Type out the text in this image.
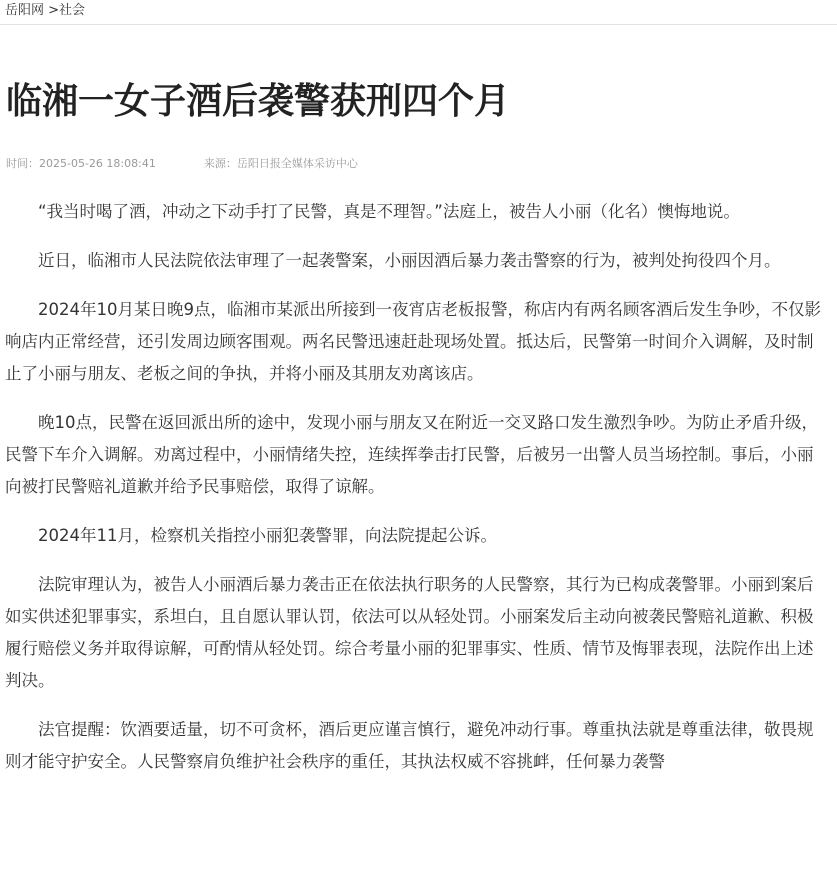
岳阳网 >社会
临湘一女子酒后袭警获刑四个月
时间：2025-05-26 18:08:41	来源：岳阳日报全媒体采访中心

“我当时喝了酒，冲动之下动手打了民警，真是不理智。”法庭上，被告人小丽（化名）懊悔地说。

近日，临湘市人民法院依法审理了一起袭警案，小丽因酒后暴力袭击警察的行为，被判处拘役四个月。

2024年10月某日晚9点，临湘市某派出所接到一夜宵店老板报警，称店内有两名顾客酒后发生争吵，不仅影响店内正常经营，还引发周边顾客围观。两名民警迅速赶赴现场处置。抵达后，民警第一时间介入调解，及时制止了小丽与朋友、老板之间的争执，并将小丽及其朋友劝离该店。

晚10点，民警在返回派出所的途中，发现小丽与朋友又在附近一交叉路口发生激烈争吵。为防止矛盾升级，民警下车介入调解。劝离过程中，小丽情绪失控，连续挥拳击打民警，后被另一出警人员当场控制。事后，小丽向被打民警赔礼道歉并给予民事赔偿，取得了谅解。

2024年11月，检察机关指控小丽犯袭警罪，向法院提起公诉。

法院审理认为，被告人小丽酒后暴力袭击正在依法执行职务的人民警察，其行为已构成袭警罪。小丽到案后如实供述犯罪事实，系坦白，且自愿认罪认罚，依法可以从轻处罚。小丽案发后主动向被袭民警赔礼道歉、积极履行赔偿义务并取得谅解，可酌情从轻处罚。综合考量小丽的犯罪事实、性质、情节及悔罪表现，法院作出上述判决。

法官提醒：饮酒要适量，切不可贪杯，酒后更应谨言慎行，避免冲动行事。尊重执法就是尊重法律，敬畏规则才能守护安全。人民警察肩负维护社会秩序的重任，其执法权威不容挑衅，任何暴力袭警
